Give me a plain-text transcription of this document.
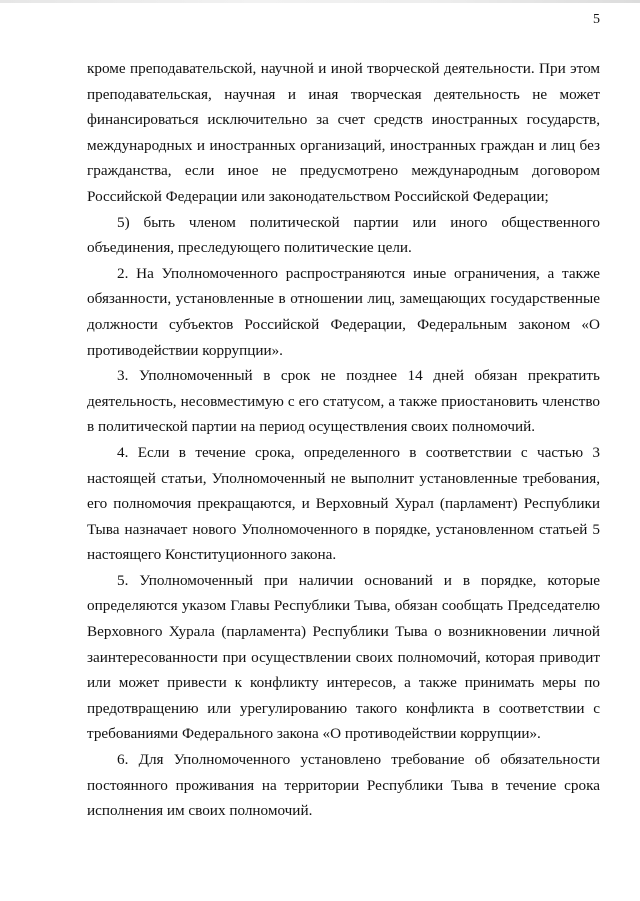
5

кроме преподавательской, научной и иной творческой деятельности. При этом преподавательская, научная и иная творческая деятельность не может финансироваться исключительно за счет средств иностранных государств, международных и иностранных организаций, иностранных граждан и лиц без гражданства, если иное не предусмотрено международным договором Российской Федерации или законодательством Российской Федерации;

5) быть членом политической партии или иного общественного объединения, преследующего политические цели.

2. На Уполномоченного распространяются иные ограничения, а также обязанности, установленные в отношении лиц, замещающих государственные должности субъектов Российской Федерации, Федеральным законом «О противодействии коррупции».

3. Уполномоченный в срок не позднее 14 дней обязан прекратить деятельность, несовместимую с его статусом, а также приостановить членство в политической партии на период осуществления своих полномочий.

4. Если в течение срока, определенного в соответствии с частью 3 настоящей статьи, Уполномоченный не выполнит установленные требования, его полномочия прекращаются, и Верховный Хурал (парламент) Республики Тыва назначает нового Уполномоченного в порядке, установленном статьей 5 настоящего Конституционного закона.

5. Уполномоченный при наличии оснований и в порядке, которые определяются указом Главы Республики Тыва, обязан сообщать Председателю Верховного Хурала (парламента) Республики Тыва о возникновении личной заинтересованности при осуществлении своих полномочий, которая приводит или может привести к конфликту интересов, а также принимать меры по предотвращению или урегулированию такого конфликта в соответствии с требованиями Федерального закона «О противодействии коррупции».

6. Для Уполномоченного установлено требование об обязательности постоянного проживания на территории Республики Тыва в течение срока исполнения им своих полномочий.
